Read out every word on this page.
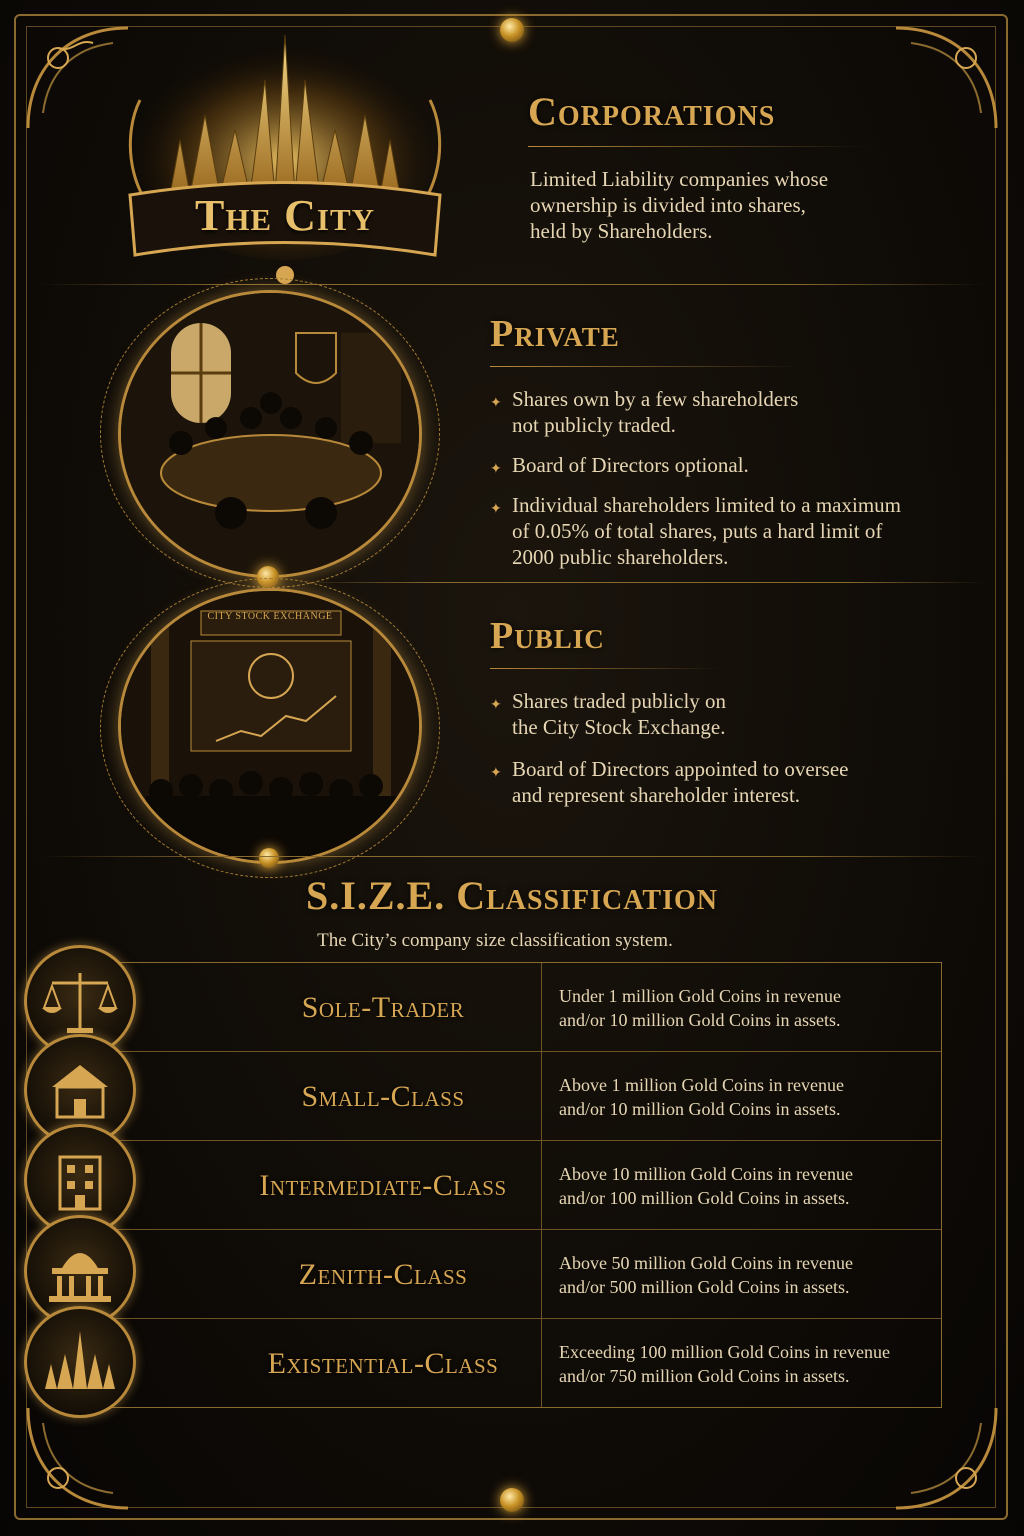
The City
Corporations
Limited Liability companies whose
ownership is divided into shares,
held by Shareholders.
Private
✦ Shares own by a few shareholders
not publicly traded.
✦ Board of Directors optional.
✦ Individual shareholders limited to a maximum
of 0.05% of total shares, puts a hard limit of
2000 public shareholders.
CITY STOCK EXCHANGE	Public
✦ Shares traded publicly on
the City Stock Exchange.
✦ Board of Directors appointed to oversee
and represent shareholder interest.
S.I.Z.E. Classification
The City’s company size classification system.
Sole-Trader	Under 1 million Gold Coins in revenue
and/or 10 million Gold Coins in assets.
Small-Class	Above 1 million Gold Coins in revenue
and/or 10 million Gold Coins in assets.
Intermediate-Class	Above 10 million Gold Coins in revenue
and/or 100 million Gold Coins in assets.
Zenith-Class	Above 50 million Gold Coins in revenue
and/or 500 million Gold Coins in assets.
Existential-Class	Exceeding 100 million Gold Coins in revenue
and/or 750 million Gold Coins in assets.
